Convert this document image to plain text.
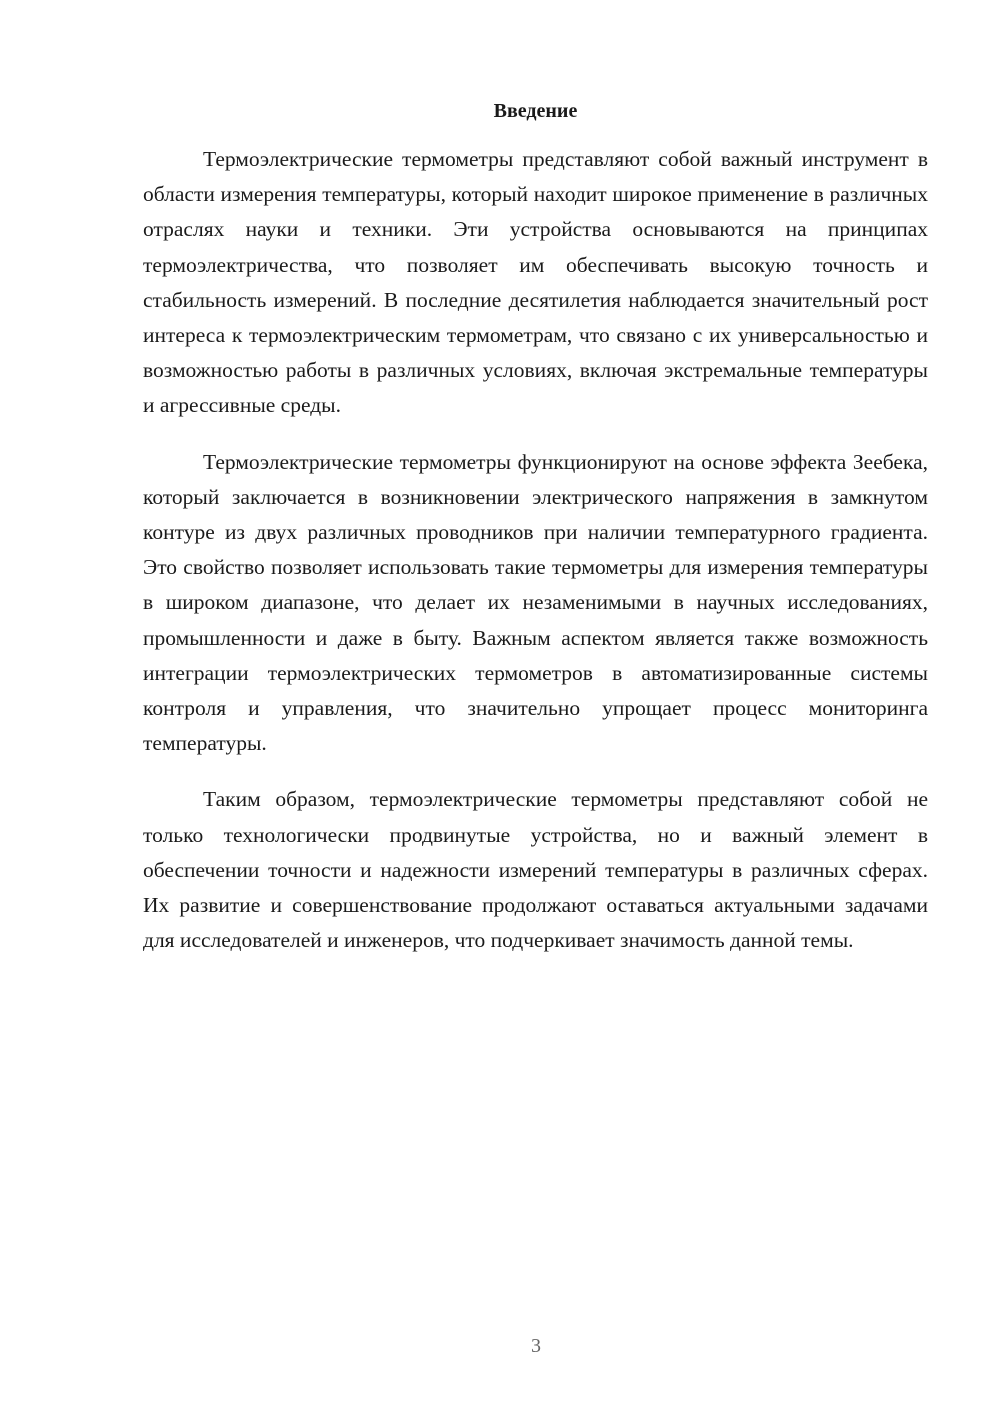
Введение

Термоэлектрические термометры представляют собой важный инструмент в области измерения температуры, который находит широкое применение в различных отраслях науки и техники. Эти устройства основываются на принципах термоэлектричества, что позволяет им обеспечивать высокую точность и стабильность измерений. В последние десятилетия наблюдается значительный рост интереса к термоэлектрическим термометрам, что связано с их универсальностью и возможностью работы в различных условиях, включая экстремальные температуры и агрессивные среды.

Термоэлектрические термометры функционируют на основе эффекта Зеебека, который заключается в возникновении электрического напряжения в замкнутом контуре из двух различных проводников при наличии температурного градиента. Это свойство позволяет использовать такие термометры для измерения температуры в широком диапазоне, что делает их незаменимыми в научных исследованиях, промышленности и даже в быту. Важным аспектом является также возможность интеграции термоэлектрических термометров в автоматизированные системы контроля и управления, что значительно упрощает процесс мониторинга температуры.

Таким образом, термоэлектрические термометры представляют собой не только технологически продвинутые устройства, но и важный элемент в обеспечении точности и надежности измерений температуры в различных сферах. Их развитие и совершенствование продолжают оставаться актуальными задачами для исследователей и инженеров, что подчеркивает значимость данной темы.

3
